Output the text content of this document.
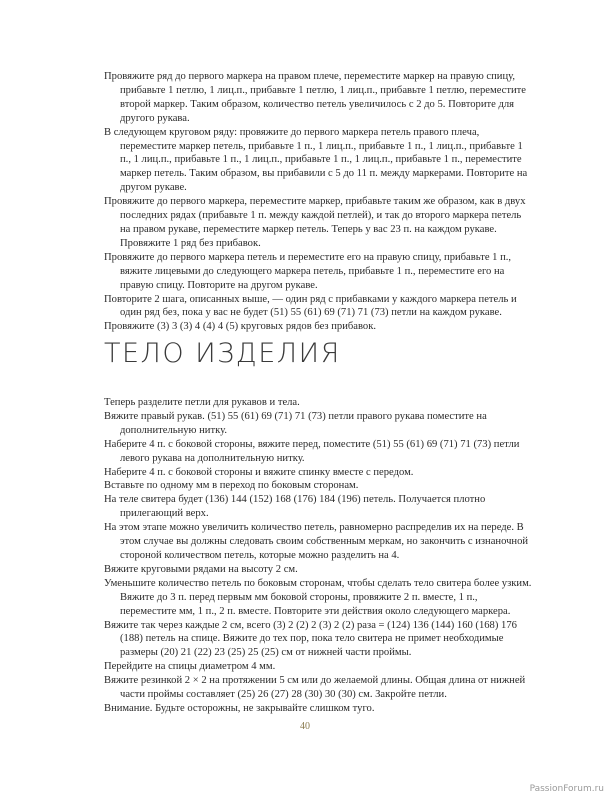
Провяжите ряд до первого маркера на правом плече, переместите маркер на правую спицу, прибавьте 1 петлю, 1 лиц.п., прибавьте 1 петлю, 1 лиц.п., прибавьте 1 петлю, переместите второй маркер. Таким образом, количество петель увеличилось с 2 до 5. Повторите для другого рукава.

В следующем круговом ряду: провяжите до первого маркера петель правого плеча, переместите маркер петель, прибавьте 1 п., 1 лиц.п., прибавьте 1 п., 1 лиц.п., прибавьте 1 п., 1 лиц.п., прибавьте 1 п., 1 лиц.п., прибавьте 1 п., 1 лиц.п., прибавьте 1 п., переместите маркер петель. Таким образом, вы прибавили с 5 до 11 п. между маркерами. Повторите на другом рукаве.

Провяжите до первого маркера, переместите маркер, прибавьте таким же образом, как в двух последних рядах (прибавьте 1 п. между каждой петлей), и так до второго маркера петель на правом рукаве, переместите маркер петель. Теперь у вас 23 п. на каждом рукаве. Провяжите 1 ряд без прибавок.

Провяжите до первого маркера петель и переместите его на правую спицу, прибавьте 1 п., вяжите лицевыми до следующего маркера петель, прибавьте 1 п., переместите его на правую спицу. Повторите на другом рукаве.

Повторите 2 шага, описанных выше, — один ряд с прибавками у каждого маркера петель и один ряд без, пока у вас не будет (51) 55 (61) 69 (71) 71 (73) петли на каждом рукаве.

Провяжите (3) 3 (3) 4 (4) 4 (5) круговых рядов без прибавок.

ТЕЛО ИЗДЕЛИЯ

Теперь разделите петли для рукавов и тела.

Вяжите правый рукав. (51) 55 (61) 69 (71) 71 (73) петли правого рукава поместите на дополнительную нитку.

Наберите 4 п. с боковой стороны, вяжите перед, поместите (51) 55 (61) 69 (71) 71 (73) петли левого рукава на дополнительную нитку.

Наберите 4 п. с боковой стороны и вяжите спинку вместе с передом.

Вставьте по одному мм в переход по боковым сторонам.

На теле свитера будет (136) 144 (152) 168 (176) 184 (196) петель. Получается плотно прилегающий верх.

На этом этапе можно увеличить количество петель, равномерно распределив их на переде. В этом случае вы должны следовать своим собственным меркам, но закончить с изнаночной стороной количеством петель, которые можно разделить на 4.

Вяжите круговыми рядами на высоту 2 см.

Уменьшите количество петель по боковым сторонам, чтобы сделать тело свитера более узким. Вяжите до 3 п. перед первым мм боковой стороны, провяжите 2 п. вместе, 1 п., переместите мм, 1 п., 2 п. вместе. Повторите эти действия около следующего маркера.

Вяжите так через каждые 2 см, всего (3) 2 (2) 2 (3) 2 (2) раза = (124) 136 (144) 160 (168) 176 (188) петель на спице. Вяжите до тех пор, пока тело свитера не примет необходимые размеры (20) 21 (22) 23 (25) 25 (25) см от нижней части проймы.

Перейдите на спицы диаметром 4 мм.

Вяжите резинкой 2 × 2 на протяжении 5 см или до желаемой длины. Общая длина от нижней части проймы составляет (25) 26 (27) 28 (30) 30 (30) см. Закройте петли.

Внимание. Будьте осторожны, не закрывайте слишком туго.

40
PassionForum.ru
